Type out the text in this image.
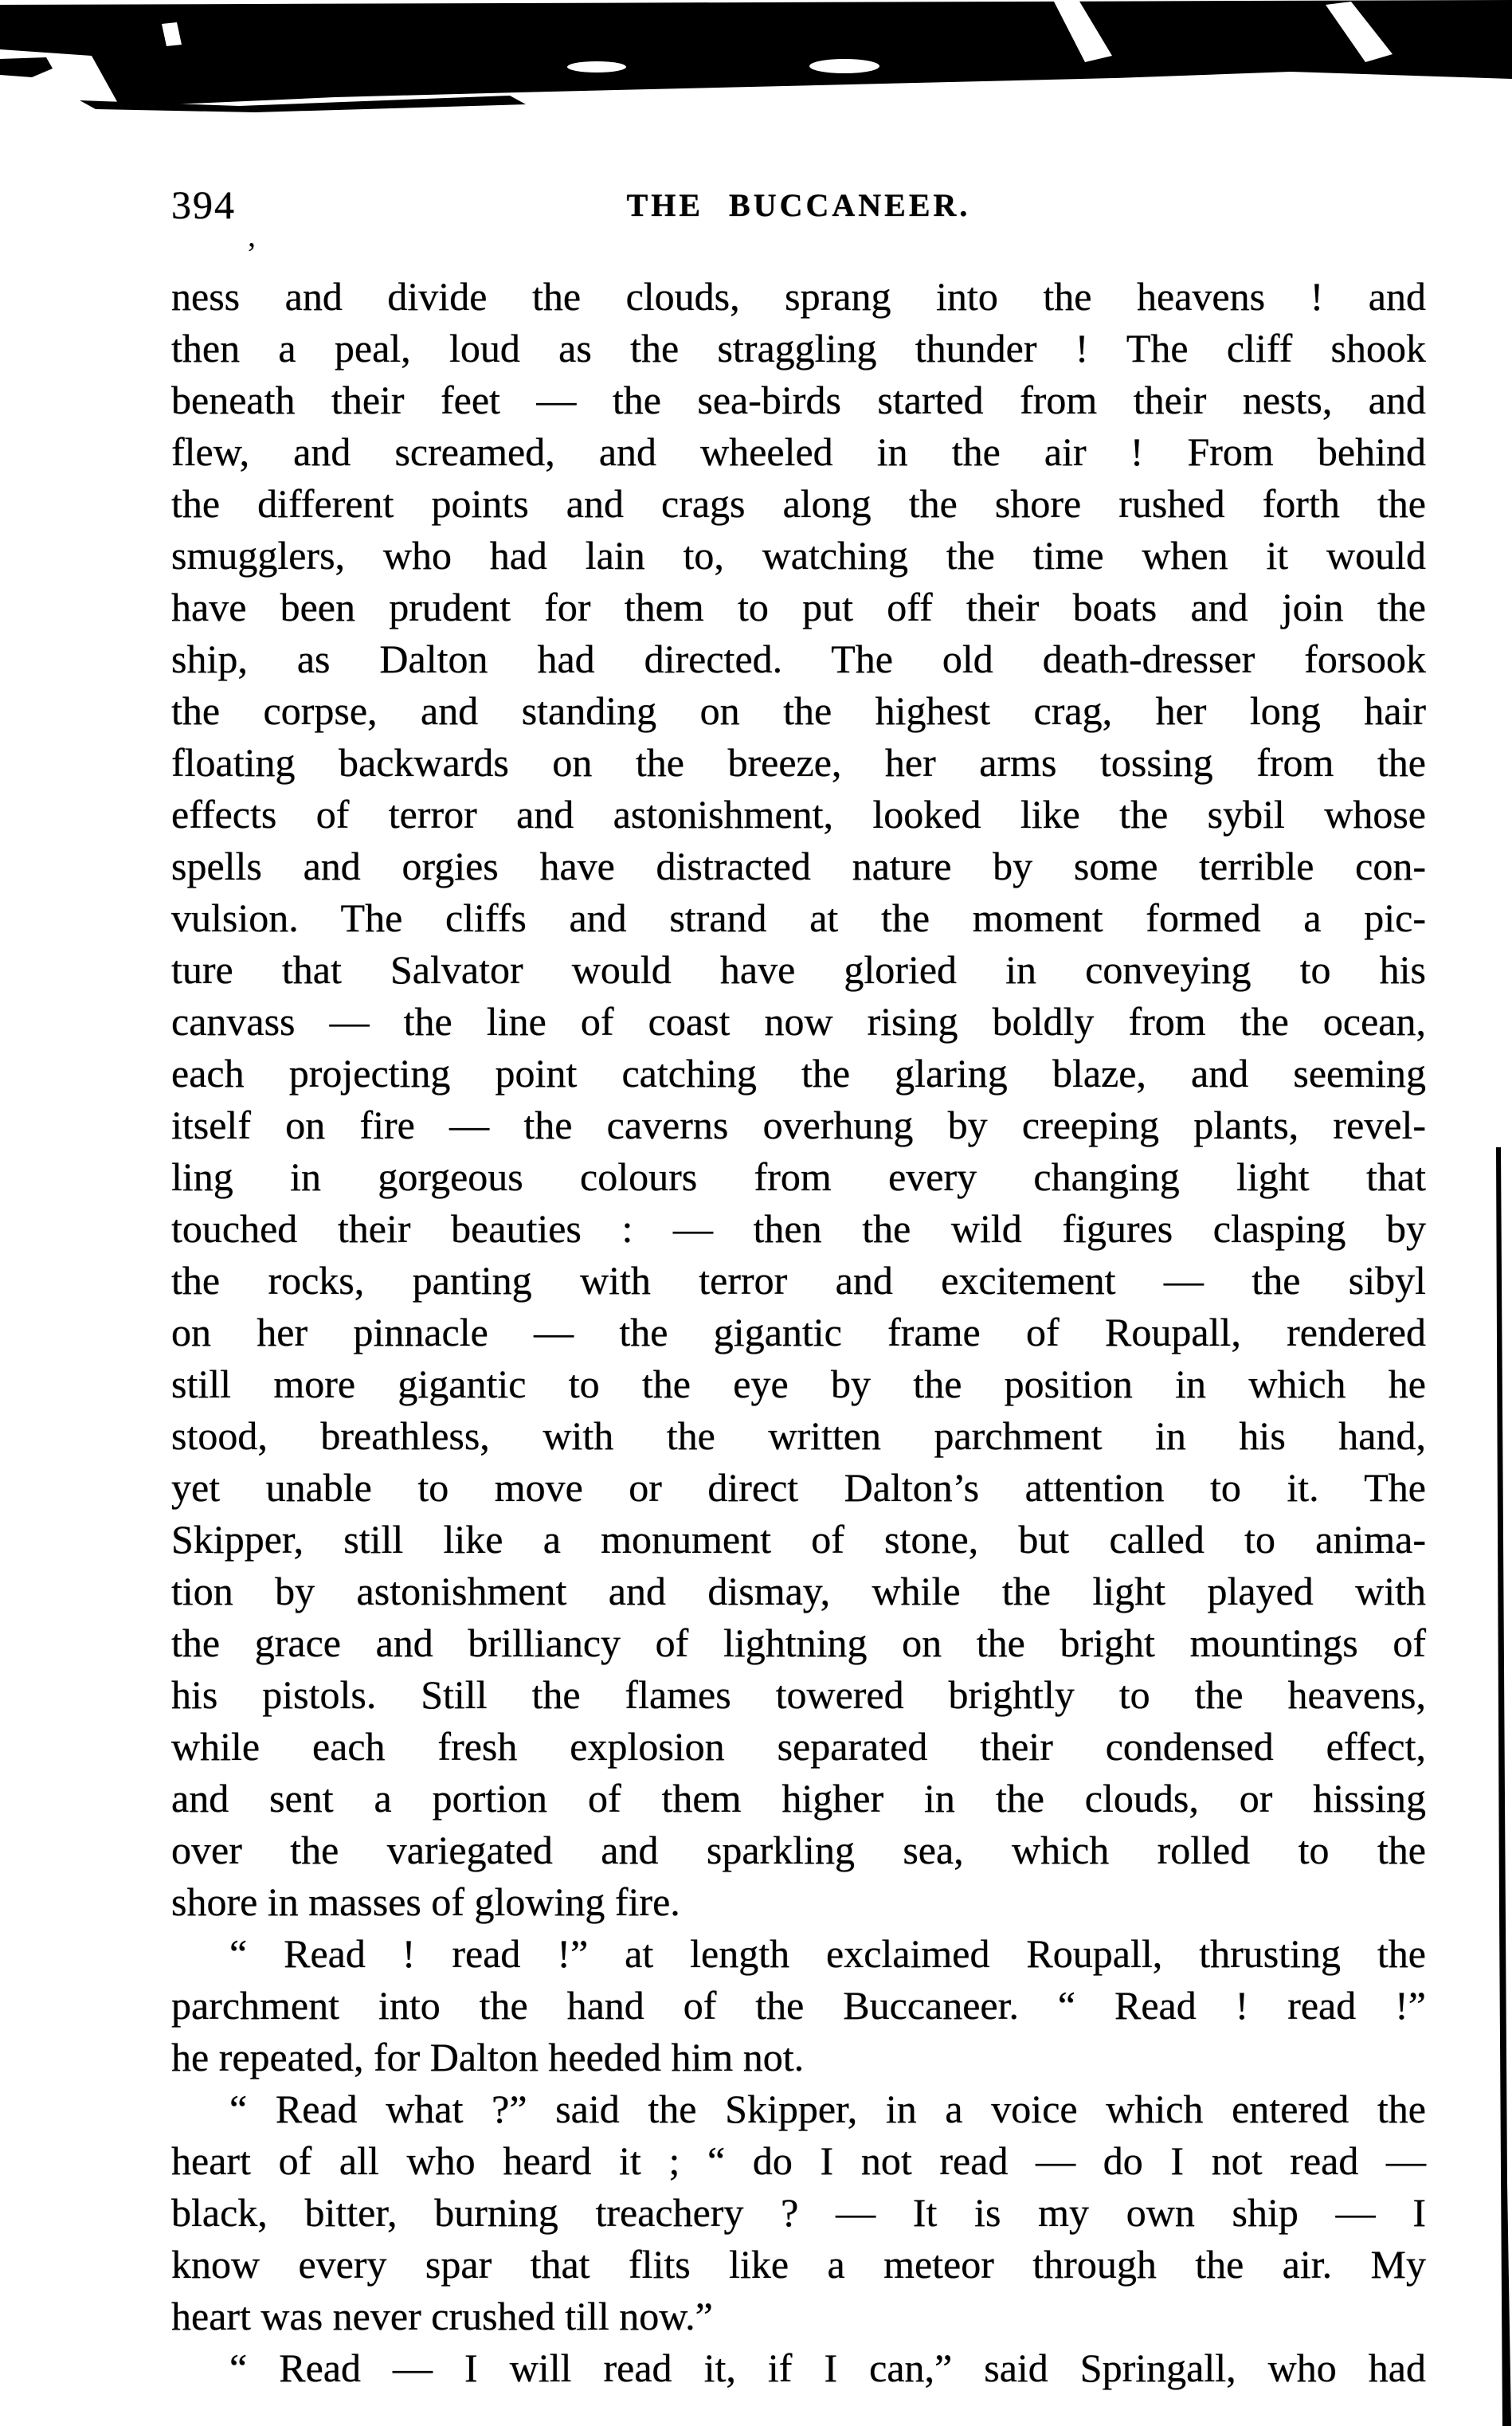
394
,
THE BUCCANEER.
ness and divide the clouds, sprang into the heavens ! and
then a peal, loud as the straggling thunder ! The cliff shook
beneath their feet — the sea-birds started from their nests, and
flew, and screamed, and wheeled in the air ! From behind
the different points and crags along the shore rushed forth the
smugglers, who had lain to, watching the time when it would
have been prudent for them to put off their boats and join the
ship, as Dalton had directed. The old death-dresser forsook
the corpse, and standing on the highest crag, her long hair
floating backwards on the breeze, her arms tossing from the
effects of terror and astonishment, looked like the sybil whose
spells and orgies have distracted nature by some terrible con-
vulsion. The cliffs and strand at the moment formed a pic-
ture that Salvator would have gloried in conveying to his
canvass — the line of coast now rising boldly from the ocean,
each projecting point catching the glaring blaze, and seeming
itself on fire — the caverns overhung by creeping plants, revel-
ling in gorgeous colours from every changing light that
touched their beauties : — then the wild figures clasping by
the rocks, panting with terror and excitement — the sibyl
on her pinnacle — the gigantic frame of Roupall, rendered
still more gigantic to the eye by the position in which he
stood, breathless, with the written parchment in his hand,
yet unable to move or direct Dalton’s attention to it. The
Skipper, still like a monument of stone, but called to anima-
tion by astonishment and dismay, while the light played with
the grace and brilliancy of lightning on the bright mountings of
his pistols. Still the flames towered brightly to the heavens,
while each fresh explosion separated their condensed effect,
and sent a portion of them higher in the clouds, or hissing
over the variegated and sparkling sea, which rolled to the
shore in masses of glowing fire.
“ Read ! read !” at length exclaimed Roupall, thrusting the
parchment into the hand of the Buccaneer. “ Read ! read !”
he repeated, for Dalton heeded him not.
“ Read what ?” said the Skipper, in a voice which entered the
heart of all who heard it ; “ do I not read — do I not read —
black, bitter, burning treachery ? — It is my own ship — I
know every spar that flits like a meteor through the air. My
heart was never crushed till now.”
“ Read — I will read it, if I can,” said Springall, who had
